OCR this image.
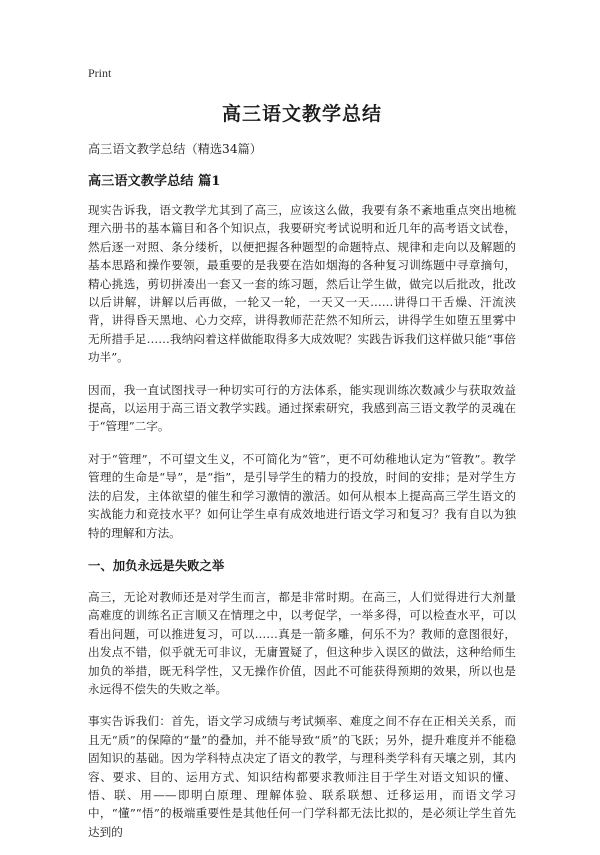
Print
高三语文教学总结
高三语文教学总结（精选34篇）
高三语文教学总结 篇1

现实告诉我，语文教学尤其到了高三，应该这么做，我要有条不紊地重点突出地梳理六册书的基本篇目和各个知识点，我要研究考试说明和近几年的高考语文试卷，然后逐一对照、条分缕析，以便把握各种题型的命题特点、规律和走向以及解题的基本思路和操作要领，最重要的是我要在浩如烟海的各种复习训练题中寻章摘句，精心挑选，剪切拼凑出一套又一套的练习题，然后让学生做，做完以后批改，批改以后讲解，讲解以后再做，一轮又一轮，一天又一天……讲得口干舌燥、汗流浃背，讲得昏天黑地、心力交瘁，讲得教师茫茫然不知所云，讲得学生如堕五里雾中无所措手足……我纳闷着这样做能取得多大成效呢？实践告诉我们这样做只能“事倍功半”。

因而，我一直试图找寻一种切实可行的方法体系，能实现训练次数减少与获取效益提高，以运用于高三语文教学实践。通过探索研究，我感到高三语文教学的灵魂在于“管理”二字。

对于“管理”，不可望文生义，不可简化为“管”，更不可幼稚地认定为“管教”。教学管理的生命是“导”，是“指”，是引导学生的精力的投放，时间的安排；是对学生方法的启发，主体欲望的催生和学习激情的激活。如何从根本上提高高三学生语文的实战能力和竞技水平？如何让学生卓有成效地进行语文学习和复习？我有自以为独特的理解和方法。

一、加负永远是失败之举

高三，无论对教师还是对学生而言，都是非常时期。在高三，人们觉得进行大剂量高难度的训练名正言顺又在情理之中，以考促学，一举多得，可以检查水平，可以看出问题，可以推进复习，可以……真是一箭多雕，何乐不为？教师的意图很好，出发点不错，似乎就无可非议，无庸置疑了，但这种步入误区的做法，这种给师生加负的举措，既无科学性，又无操作价值，因此不可能获得预期的效果，所以也是永远得不偿失的失败之举。

事实告诉我们：首先，语文学习成绩与考试频率、难度之间不存在正相关关系，而且无“质”的保障的“量”的叠加，并不能导致“质”的飞跃；另外，提升难度并不能稳固知识的基础。因为学科特点决定了语文的教学，与理科类学科有天壤之别，其内容、要求、目的、运用方式、知识结构都要求教师注目于学生对语文知识的懂、悟、联、用——即明白原理、理解体验、联系联想、迁移运用，而语文学习中，“懂”“悟”的极端重要性是其他任何一门学科都无法比拟的，是必须让学生首先达到的
